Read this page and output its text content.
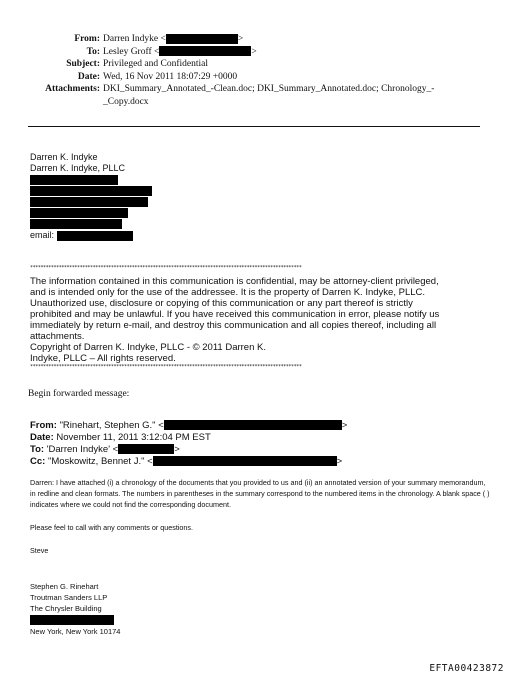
From: Darren Indyke <	>
To: Lesley Groff <	>
Subject: Privileged and Confidential
Date: Wed, 16 Nov 2011 18:07:29 +0000
Attachments: DKI_Summary_Annotated_-Clean.doc; DKI_Summary_Annotated.doc; Chronology_-_Copy.docx
Darren K. Indyke
Darren K. Indyke, PLLC
email:
********************************************************************************************************
The information contained in this communication is confidential, may be attorney-client privileged, and is intended only for the use of the addressee. It is the property of Darren K. Indyke, PLLC. Unauthorized use, disclosure or copying of this communication or any part thereof is strictly prohibited and may be unlawful. If you have received this communication in error, please notify us immediately by return e-mail, and destroy this communication and all copies thereof, including all attachments.
Copyright of Darren K. Indyke, PLLC - © 2011 Darren K. Indyke, PLLC – All rights reserved.
********************************************************************************************************
Begin forwarded message:
From: "Rinehart, Stephen G." <	>
Date: November 11, 2011 3:12:04 PM EST
To: 'Darren Indyke' <	>
Cc: "Moskowitz, Bennet J." <	>

Darren: I have attached (i) a chronology of the documents that you provided to us and (ii) an annotated version of your summary memorandum, in redline and clean formats. The numbers in parentheses in the summary correspond to the numbered items in the chronology. A blank space ( ) indicates where we could not find the corresponding document.

Please feel to call with any comments or questions.

Steve

Stephen G. Rinehart
Troutman Sanders LLP
The Chrysler Building
New York, New York 10174
EFTA00423872
